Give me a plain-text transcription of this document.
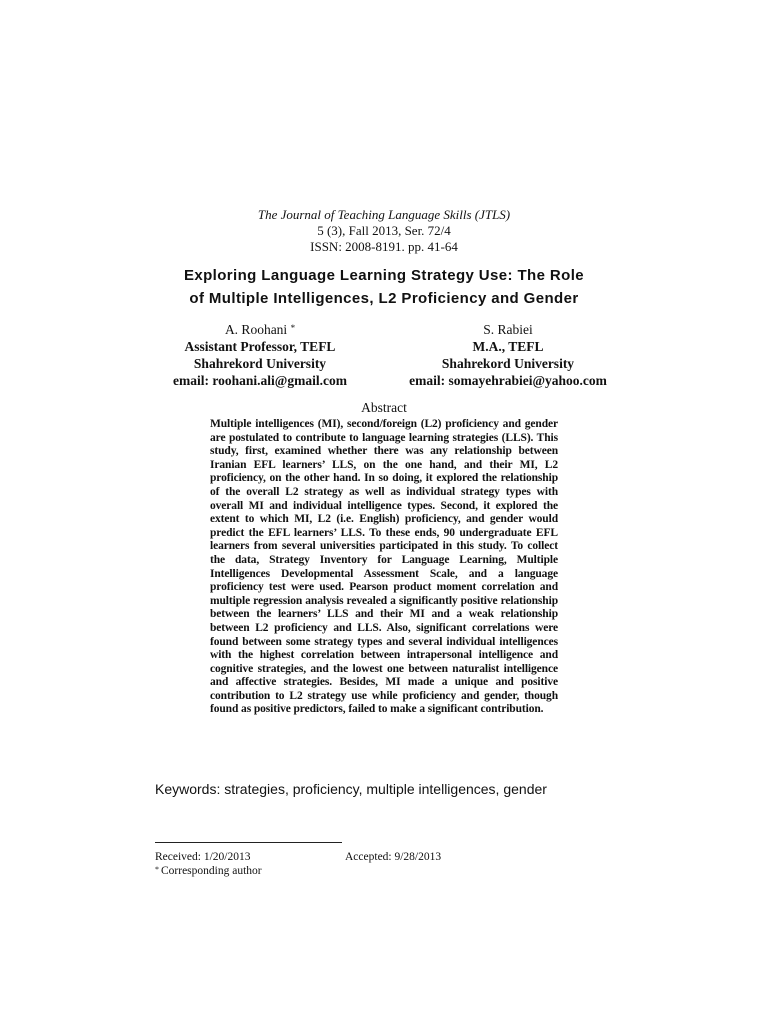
The Journal of Teaching Language Skills (JTLS)
5 (3), Fall 2013, Ser. 72/4
ISSN: 2008-8191. pp. 41-64
Exploring Language Learning Strategy Use: The Role
of Multiple Intelligences, L2 Proficiency and Gender
A. Roohani *
Assistant Professor, TEFL
Shahrekord University
email: roohani.ali@gmail.com
S. Rabiei
M.A., TEFL
Shahrekord University
email: somayehrabiei@yahoo.com
Abstract
Multiple intelligences (MI), second/foreign (L2) proficiency and gender are postulated to contribute to language learning strategies (LLS). This study, first, examined whether there was any relationship between Iranian EFL learners’ LLS, on the one hand, and their MI, L2 proficiency, on the other hand. In so doing, it explored the relationship of the overall L2 strategy as well as individual strategy types with overall MI and individual intelligence types. Second, it explored the extent to which MI, L2 (i.e. English) proficiency, and gender would predict the EFL learners’ LLS. To these ends, 90 undergraduate EFL learners from several universities participated in this study. To collect the data, Strategy Inventory for Language Learning, Multiple Intelligences Developmental Assessment Scale, and a language proficiency test were used. Pearson product moment correlation and multiple regression analysis revealed a significantly positive relationship between the learners’ LLS and their MI and a weak relationship between L2 proficiency and LLS. Also, significant correlations were found between some strategy types and several individual intelligences with the highest correlation between intrapersonal intelligence and cognitive strategies, and the lowest one between naturalist intelligence and affective strategies. Besides, MI made a unique and positive contribution to L2 strategy use while proficiency and gender, though found as positive predictors, failed to make a significant contribution.
Keywords: strategies, proficiency, multiple intelligences, gender
Received: 1/20/2013	Accepted: 9/28/2013
* Corresponding author
